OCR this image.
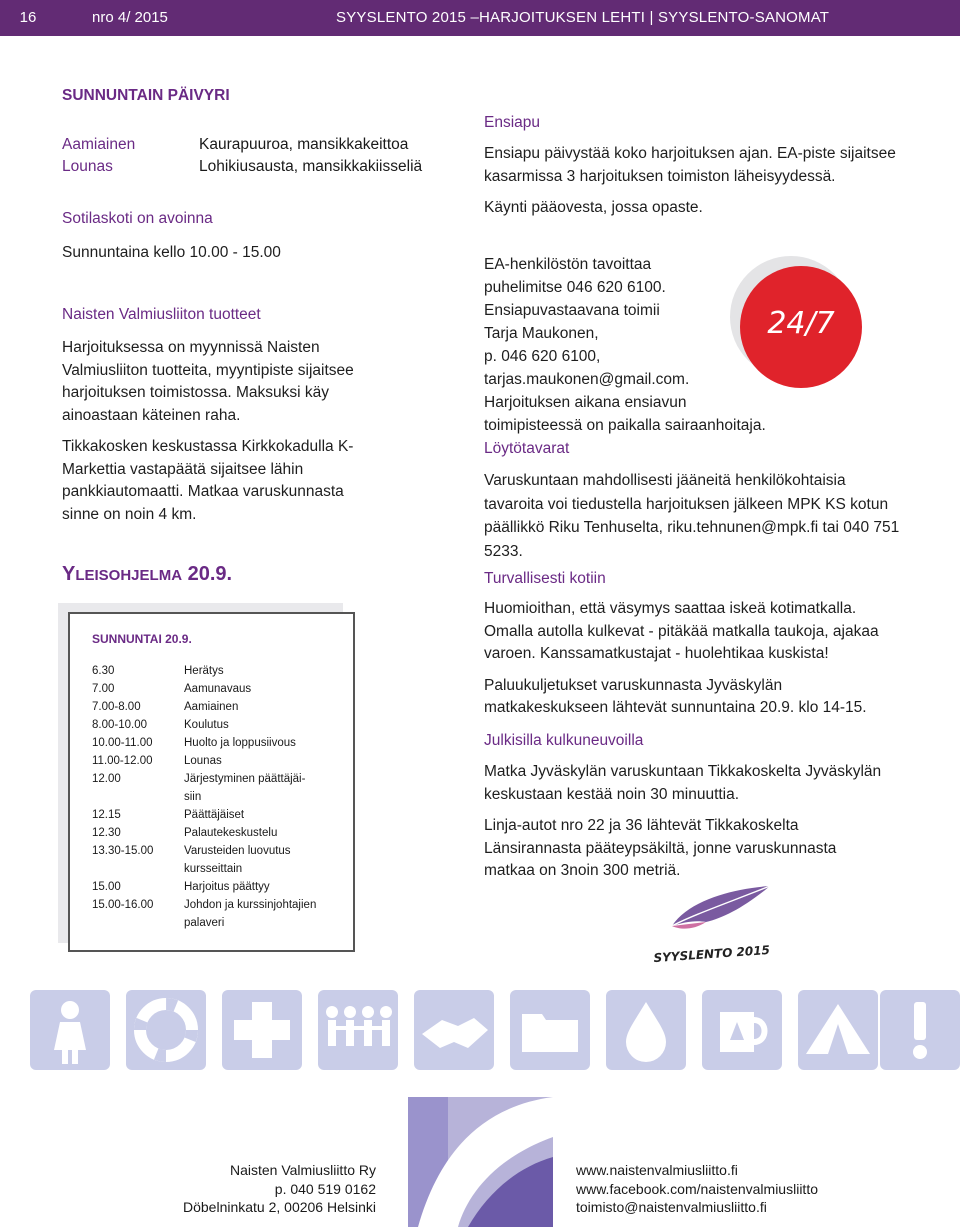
16	nro 4/ 2015	SYYSLENTO 2015 –HARJOITUKSEN LEHTI | SYYSLENTO-SANOMAT
SUNNUNTAIN PÄIVYRI
Aamiainen	Kaurapuuroa, mansikkakeittoa
Lounas	Lohikiusausta, mansikkakiisseliä
Sotilaskoti on avoinna
Sunnuntaina kello 10.00 - 15.00
Naisten Valmiusliiton tuotteet
Harjoituksessa on myynnissä Naisten Valmiusliiton tuotteita, myyntipiste sijaitsee harjoituksen toimistossa. Maksuksi käy ainoastaan käteinen raha.
Tikkakosken keskustassa Kirkkokadulla K-Markettia vastapäätä sijaitsee lähin pankkiautomaatti. Matkaa varuskunnasta sinne on noin 4 km.
YLEISOHJELMA 20.9.
SUNNUNTAI 20.9.
6.30	Herätys
7.00	Aamunavaus
7.00-8.00	Aamiainen
8.00-10.00	Koulutus
10.00-11.00	Huolto ja loppusiivous
11.00-12.00	Lounas
12.00	Järjestyminen päättäjäi-
siin
12.15	Päättäjäiset
12.30	Palautekeskustelu
13.30-15.00	Varusteiden luovutus
kursseittain
15.00	Harjoitus päättyy
15.00-16.00	Johdon ja kurssinjohtajien
palaveri
Ensiapu

Ensiapu päivystää koko harjoituksen ajan. EA-piste sijaitsee kasarmissa 3 harjoituksen toimiston läheisyydessä.

Käynti pääovesta, jossa opaste.

EA-henkilöstön tavoittaa
puhelimitse 046 620 6100.
Ensiapuvastaavana toimii
Tarja Maukonen,
p. 046 620 6100,
tarjas.maukonen@gmail.com.
Harjoituksen aikana ensiavun
toimipisteessä on paikalla sairaanhoitaja.
24/7
Löytötavarat
Varuskuntaan mahdollisesti jääneitä henkilökohtaisia tavaroita voi tiedustella harjoituksen jälkeen MPK KS kotun päällikkö Riku Tenhuselta, riku.tehnunen@mpk.fi tai 040 751 5233.
Turvallisesti kotiin

Huomioithan, että väsymys saattaa iskeä kotimatkalla. Omalla autolla kulkevat - pitäkää matkalla taukoja, ajakaa varoen. Kanssamatkustajat - huolehtikaa kuskista!

Paluukuljetukset varuskunnasta Jyväskylän matkakeskukseen lähtevät sunnuntaina 20.9. klo 14-15.

Julkisilla kulkuneuvoilla

Matka Jyväskylän varuskuntaan Tikkakoskelta Jyväskylän keskustaan kestää noin 30 minuuttia.

Linja-autot nro 22 ja 36 lähtevät Tikkakoskelta Länsirannasta pääteypsäkiltä, jonne varuskunnasta matkaa on 3noin 300 metriä.

SYYSLENTO 2015
Naisten Valmiusliitto Ry
p. 040 519 0162
Döbelninkatu 2, 00206 Helsinki
www.naistenvalmiusliitto.fi
www.facebook.com/naistenvalmiusliitto
toimisto@naistenvalmiusliitto.fi
